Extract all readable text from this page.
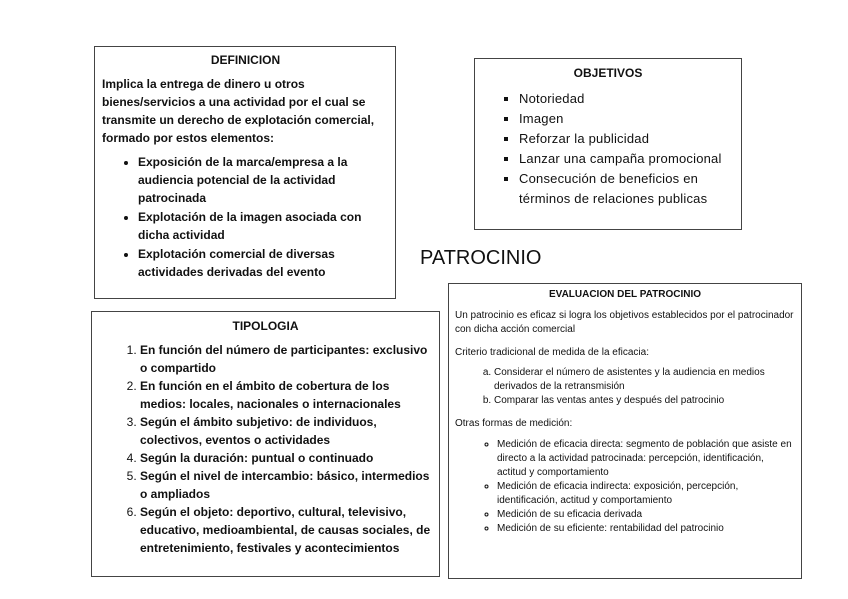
DEFINICION

Implica la entrega de dinero u otros bienes/servicios a una actividad por el cual se transmite un derecho de explotación comercial, formado por estos elementos:

• Exposición de la marca/empresa a la audiencia potencial de la actividad patrocinada
• Explotación de la imagen asociada con dicha actividad
• Explotación comercial de diversas actividades derivadas del evento
OBJETIVOS
▪ Notoriedad
▪ Imagen
▪ Reforzar la publicidad
▪ Lanzar una campaña promocional
▪ Consecución de beneficios en términos de relaciones publicas
PATROCINIO
EVALUACION DEL PATROCINIO

Un patrocinio es eficaz si logra los objetivos establecidos por el patrocinador con dicha acción comercial

Criterio tradicional de medida de la eficacia:

a. Considerar el número de asistentes y la audiencia en medios derivados de la retransmisión
b. Comparar las ventas antes y después del patrocinio

Otras formas de medición:

◦ Medición de eficacia directa: segmento de población que asiste en directo a la actividad patrocinada: percepción, identificación, actitud y comportamiento
◦ Medición de eficacia indirecta: exposición, percepción, identificación, actitud y comportamiento
◦ Medición de su eficacia derivada
◦ Medición de su eficiente: rentabilidad del patrocinio
TIPOLOGIA
1. En función del número de participantes: exclusivo o compartido
2. En función en el ámbito de cobertura de los medios: locales, nacionales o internacionales
3. Según el ámbito subjetivo: de individuos, colectivos, eventos o actividades
4. Según la duración: puntual o continuado
5. Según el nivel de intercambio: básico, intermedios o ampliados
6. Según el objeto: deportivo, cultural, televisivo, educativo, medioambiental, de causas sociales, de entretenimiento, festivales y acontecimientos
